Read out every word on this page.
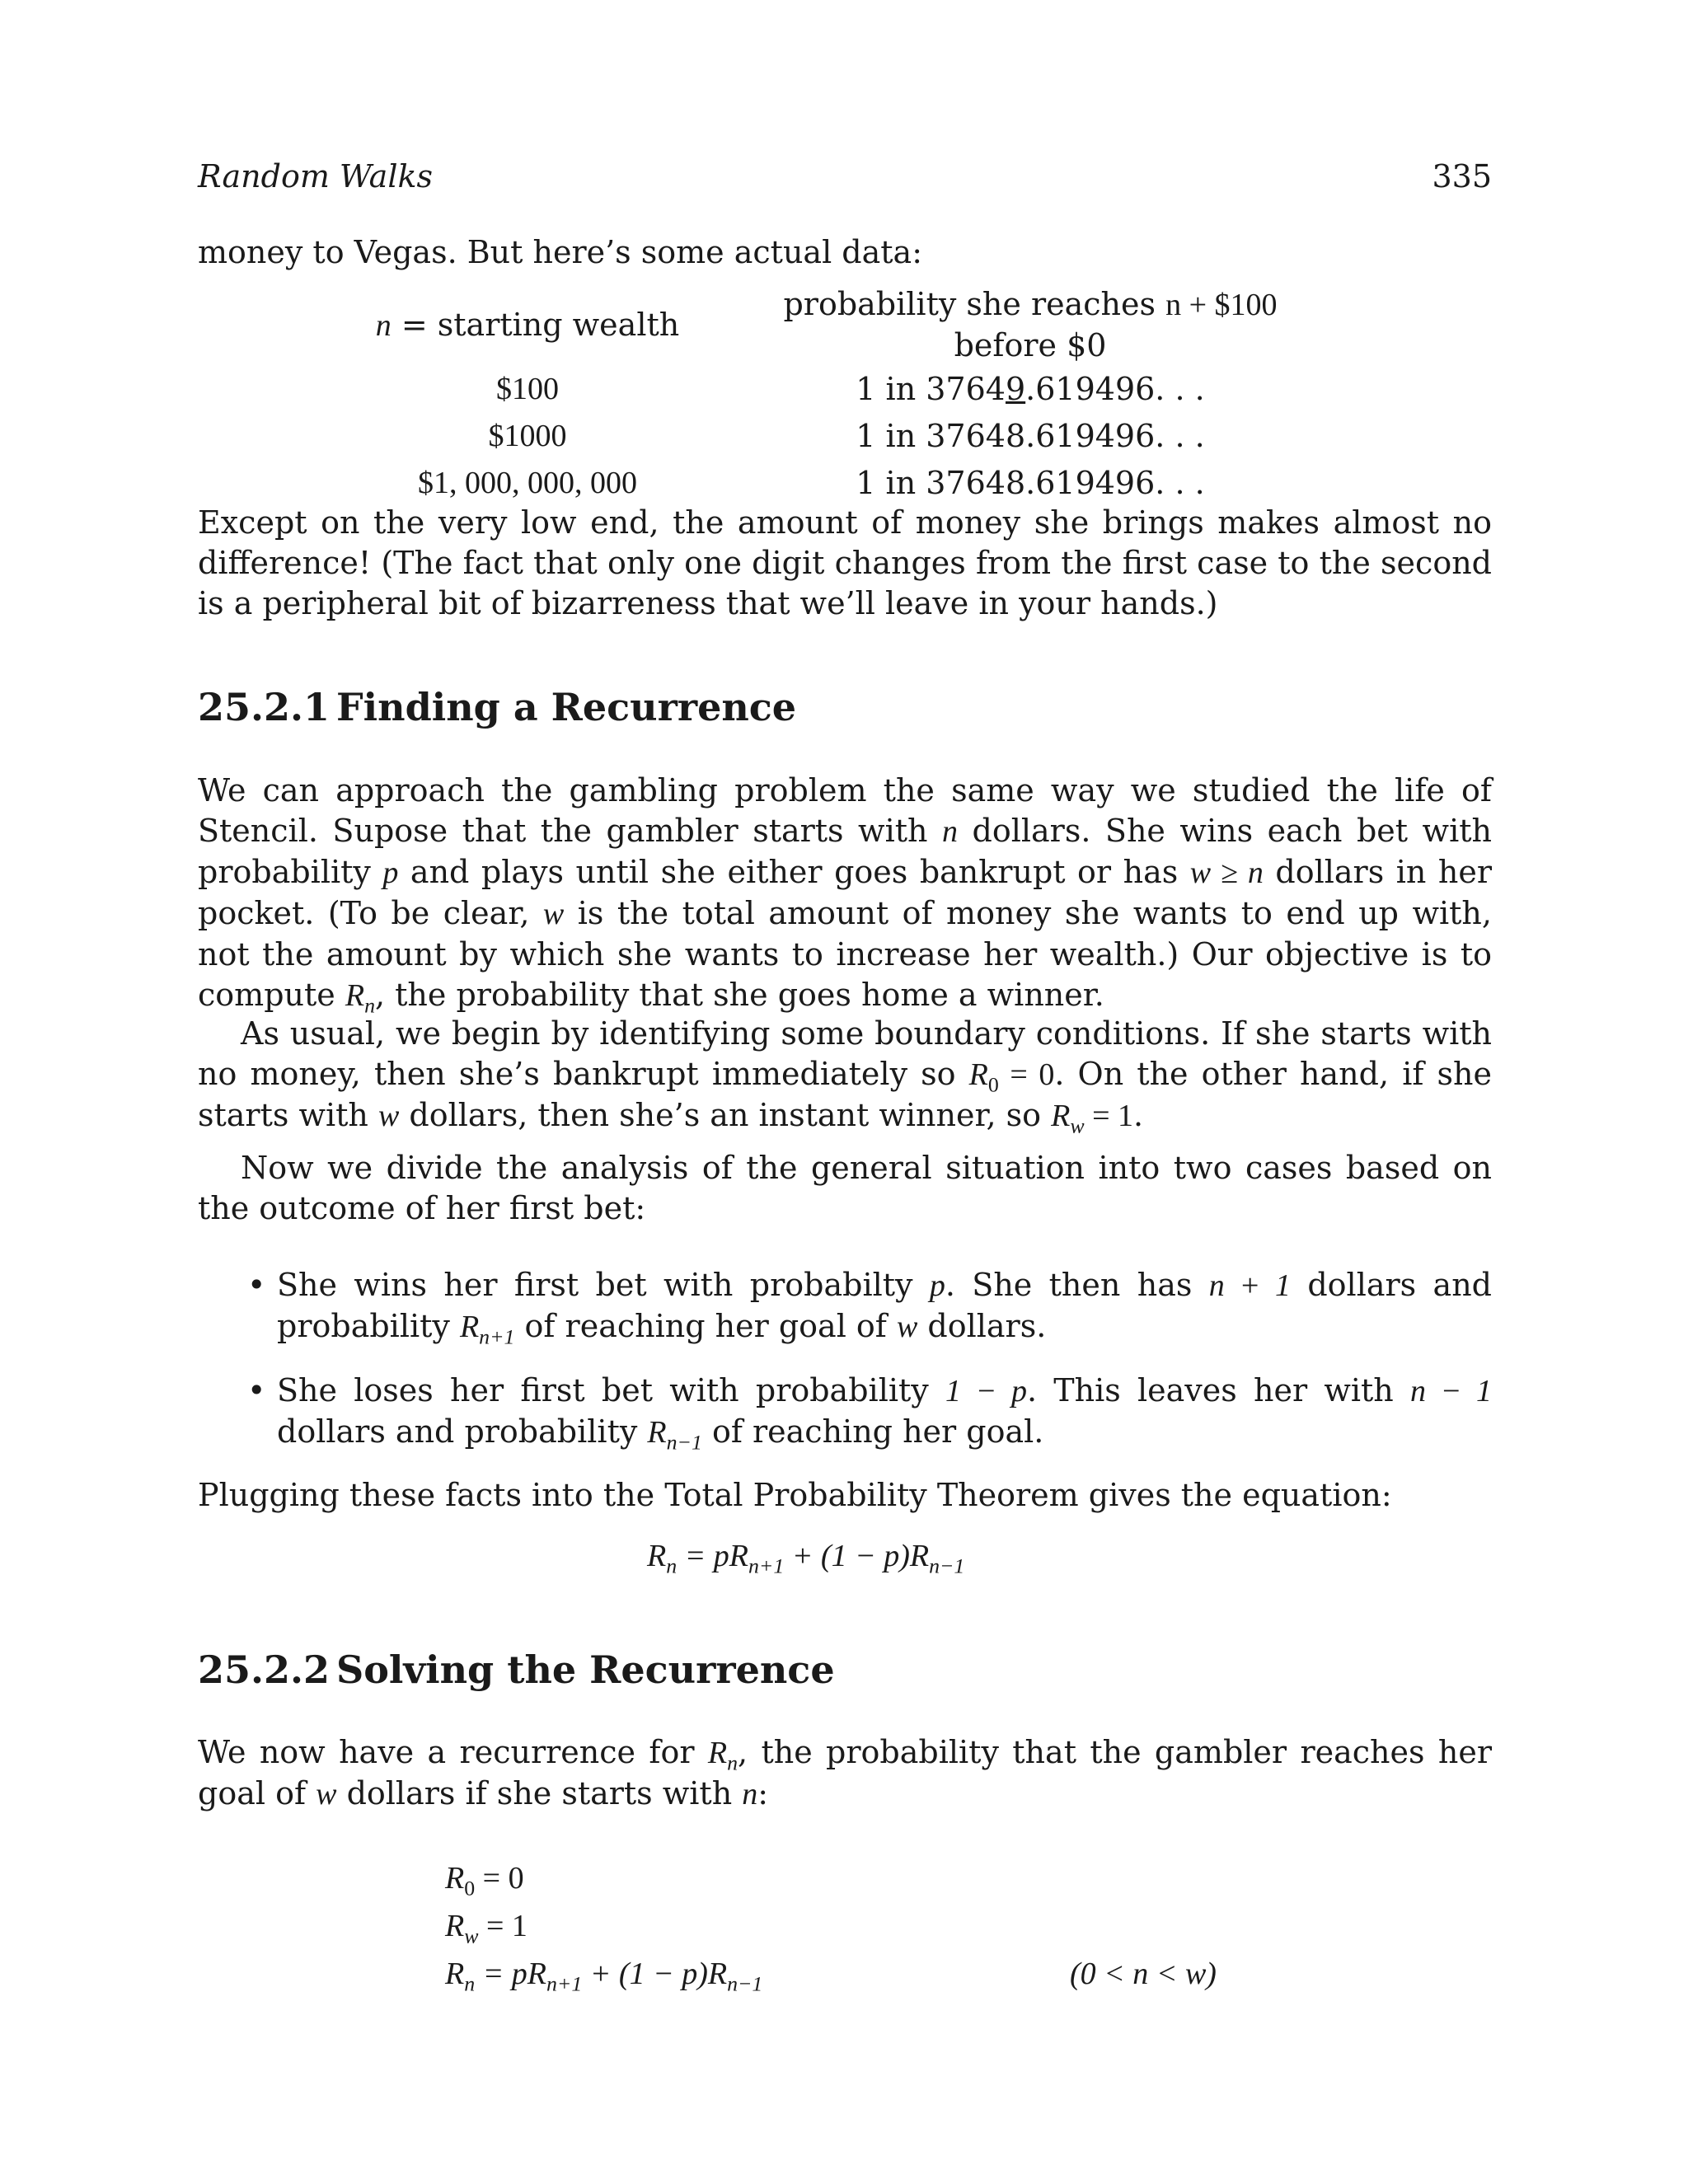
Random Walks	335

money to Vegas. But here’s some actual data:

n = starting wealth	probability she reaches n + $100 before $0
$100	1 in 37649.619496. . .
$1000	1 in 37648.619496. . .
$1, 000, 000, 000	1 in 37648.619496. . .

Except on the very low end, the amount of money she brings makes almost no difference! (The fact that only one digit changes from the first case to the second is a peripheral bit of bizarreness that we’ll leave in your hands.)

25.2.1 Finding a Recurrence

We can approach the gambling problem the same way we studied the life of Stencil. Supose that the gambler starts with n dollars. She wins each bet with probability p and plays until she either goes bankrupt or has w ≥ n dollars in her pocket. (To be clear, w is the total amount of money she wants to end up with, not the amount by which she wants to increase her wealth.) Our objective is to compute $R_n$, the probability that she goes home a winner.

As usual, we begin by identifying some boundary conditions. If she starts with no money, then she’s bankrupt immediately so $R_0 = 0$. On the other hand, if she starts with w dollars, then she’s an instant winner, so $R_w = 1$.

Now we divide the analysis of the general situation into two cases based on the outcome of her first bet:

• She wins her first bet with probabilty p. She then has n + 1 dollars and probability $R_{n+1}$ of reaching her goal of w dollars.
• She loses her first bet with probability 1 − p. This leaves her with n − 1 dollars and probability $R_{n-1}$ of reaching her goal.

Plugging these facts into the Total Probability Theorem gives the equation:

$R_n = pR_{n+1} + (1 - p)R_{n-1}$
25.2.2 Solving the Recurrence

We now have a recurrence for $R_n$, the probability that the gambler reaches her goal of w dollars if she starts with n:

$R_0 = 0$
$R_w = 1$
$R_n = pR_{n+1} + (1 - p)R_{n-1}$	(0 < n < w)
